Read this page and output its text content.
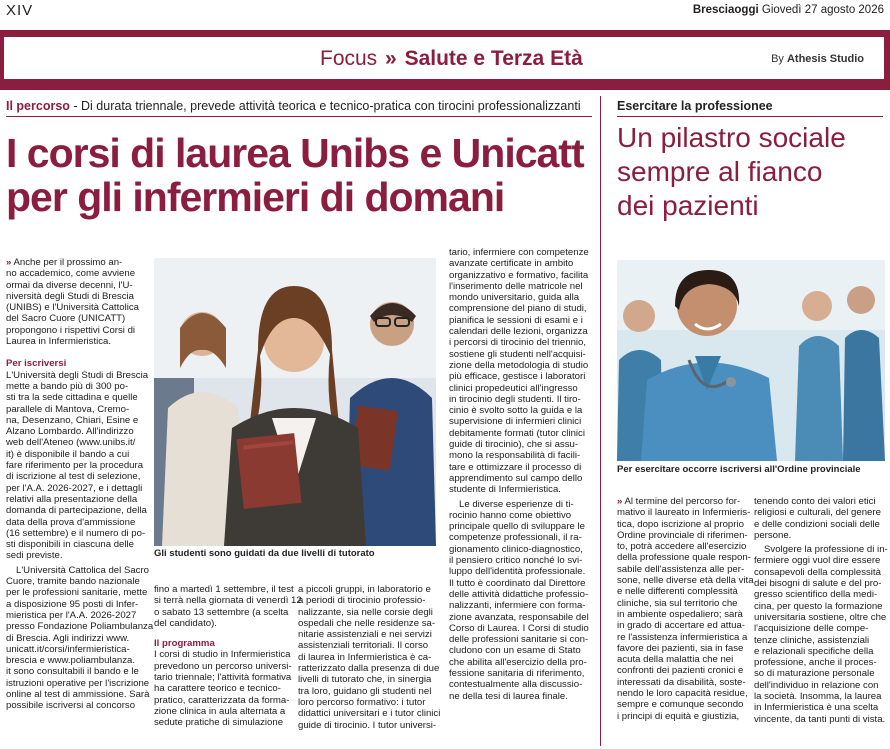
XIV	Bresciaoggi Giovedì 27 agosto 2026
Focus » Salute e Terza Età	By Athesis Studio
Il percorso - Di durata triennale, prevede attività teorica e tecnico-pratica con tirocini professionalizzanti
I corsi di laurea Unibs e Unicatt
per gli infermieri di domani
Gli studenti sono guidati da due livelli di tutorato
» Anche per il prossimo an-
no accademico, come avviene
ormai da diverse decenni, l'U-
niversità degli Studi di Brescia
(UNIBS) e l'Università Cattolica
del Sacro Cuore (UNICATT)
propongono i rispettivi Corsi di
Laurea in Infermieristica.
Per iscriversi
L'Università degli Studi di Brescia
mette a bando più di 300 po-
sti tra la sede cittadina e quelle
parallele di Mantova, Cremo-
na, Desenzano, Chiari, Esine e
Alzano Lombardo. All'indirizzo
web dell'Ateneo (www.unibs.it/
it) è disponibile il bando a cui
fare riferimento per la procedura
di iscrizione al test di selezione,
per l'A.A. 2026-2027, e i dettagli
relativi alla presentazione della
domanda di partecipazione, della
data della prova d'ammissione
(16 settembre) e il numero di po-
sti disponibili in ciascuna delle
sedi previste.
L'Università Cattolica del Sacro
Cuore, tramite bando nazionale
per le professioni sanitarie, mette
a disposizione 95 posti di Infer-
mieristica per l'A.A. 2026-2027
presso Fondazione Poliambulanza
di Brescia. Agli indirizzi www.
unicatt.it/corsi/infermieristica-
brescia e www.poliambulanza.
it sono consultabili il bando e le
istruzioni operative per l'iscrizione
online al test di ammissione. Sarà
possibile iscriversi al concorso
fino a martedì 1 settembre, il test
si terrà nella giornata di venerdì 12
o sabato 13 settembre (a scelta
del candidato).
Il programma
I corsi di studio in Infermieristica
prevedono un percorso universi-
tario triennale; l'attività formativa
ha carattere teorico e tecnico-
pratico, caratterizzata da forma-
zione clinica in aula alternata a
sedute pratiche di simulazione
a piccoli gruppi, in laboratorio e
a periodi di tirocinio professio-
nalizzante, sia nelle corsie degli
ospedali che nelle residenze sa-
nitarie assistenziali e nei servizi
assistenziali territoriali. Il corso
di laurea in Infermieristica è ca-
ratterizzato dalla presenza di due
livelli di tutorato che, in sinergia
tra loro, guidano gli studenti nel
loro percorso formativo: i tutor
didattici universitari e i tutor clinici
guide di tirocinio. I tutor universi-
tario, infermiere con competenze
avanzate certificate in ambito
organizzativo e formativo, facilita
l'inserimento delle matricole nel
mondo universitario, guida alla
comprensione del piano di studi,
pianifica le sessioni di esami e i
calendari delle lezioni, organizza
i percorsi di tirocinio del triennio,
sostiene gli studenti nell'acquisi-
zione della metodologia di studio
più efficace, gestisce i laboratori
clinici propedeutici all'ingresso
in tirocinio degli studenti. Il tiro-
cinio è svolto sotto la guida e la
supervisione di infermieri clinici
debitamente formati (tutor clinici
guide di tirocinio), che si assu-
mono la responsabilità di facili-
tare e ottimizzare il processo di
apprendimento sul campo dello
studente di Infermieristica.
Le diverse esperienze di ti-
rocinio hanno come obiettivo
principale quello di sviluppare le
competenze professionali, il ra-
gionamento clinico-diagnostico,
il pensiero critico nonché lo svi-
luppo dell'identità professionale.
Il tutto è coordinato dal Direttore
delle attività didattiche professio-
nalizzanti, infermiere con forma-
zione avanzata, responsabile del
Corso di Laurea. I Corsi di studio
delle professioni sanitarie si con-
cludono con un esame di Stato
che abilita all'esercizio della pro-
fessione sanitaria di riferimento,
contestualmente alla discussio-
ne della tesi di laurea finale.
Esercitare la professionee
Un pilastro sociale
sempre al fianco
dei pazienti
Per esercitare occorre iscriversi all'Ordine provinciale
» Al termine del percorso for-
mativo il laureato in Infermieris-
tica, dopo iscrizione al proprio
Ordine provinciale di riferimen-
to, potrà accedere all'esercizio
della professione quale respon-
sabile dell'assistenza alle per-
sone, nelle diverse età della vita
e nelle differenti complessità
cliniche, sia sul territorio che
in ambiente ospedaliero; sarà
in grado di accertare ed attua-
re l'assistenza infermieristica a
favore dei pazienti, sia in fase
acuta della malattia che nei
confronti dei pazienti cronici e
interessati da disabilità, soste-
nendo le loro capacità residue,
sempre e comunque secondo
i principi di equità e giustizia,
tenendo conto dei valori etici
religiosi e culturali, del genere
e delle condizioni sociali delle
persone.
Svolgere la professione di in-
fermiere oggi vuol dire essere
consapevoli della complessità
dei bisogni di salute e del pro-
gresso scientifico della medi-
cina, per questo la formazione
universitaria sostiene, oltre che
l'acquisizione delle compe-
tenze cliniche, assistenziali
e relazionali specifiche della
professione, anche il proces-
so di maturazione personale
dell'individuo in relazione con
la società. Insomma, la laurea
in Infermieristica è una scelta
vincente, da tanti punti di vista.
